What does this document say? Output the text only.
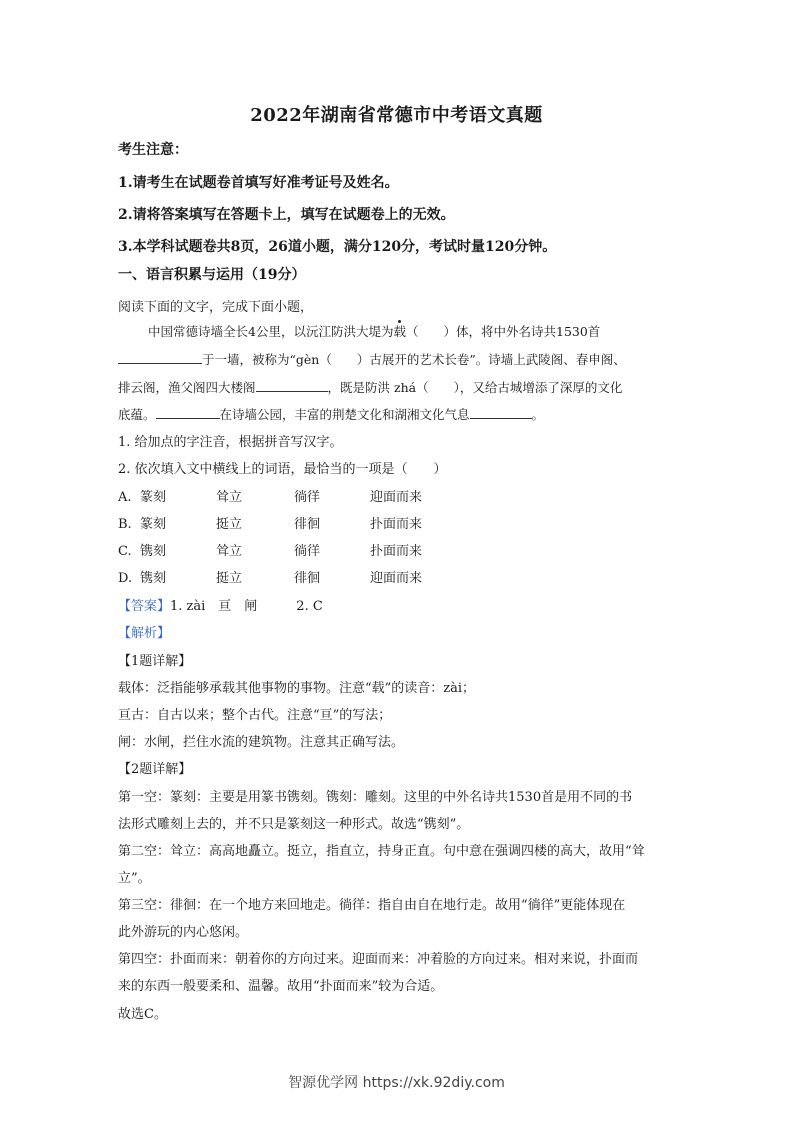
2022年湖南省常德市中考语文真题
考生注意：
1.请考生在试题卷首填写好准考证号及姓名。
2.请将答案填写在答题卡上，填写在试题卷上的无效。
3.本学科试题卷共8页，26道小题，满分120分，考试时量120分钟。
一、语言积累与运用（19分）
阅读下面的文字，完成下面小题，
中国常德诗墙全长4公里，以沅江防洪大堤为载（　　）体，将中外名诗共1530首
于一墙，被称为“gèn（　　）古展开的艺术长卷”。诗墙上武陵阁、春申阁、
排云阁，渔父阁四大楼阁	，既是防洪 zhá（　　），又给古城增添了深厚的文化
底蕴。	在诗墙公园，丰富的荆楚文化和湖湘文化气息	。
1. 给加点的字注音，根据拼音写汉字。
2. 依次填入文中横线上的词语，最恰当的一项是（　　）
A. 篆刻	耸立	徜徉	迎面而来
B. 篆刻	挺立	徘徊	扑面而来
C. 镌刻	耸立	徜徉	扑面而来
D. 镌刻	挺立	徘徊	迎面而来
【答案】1. zài　亘　闸　　　2. C
【解析】
【1题详解】
载体：泛指能够承载其他事物的事物。注意“载”的读音：zài；
亘古：自古以来；整个古代。注意“亘”的写法；
闸：水闸，拦住水流的建筑物。注意其正确写法。
【2题详解】
第一空：篆刻：主要是用篆书镌刻。镌刻：雕刻。这里的中外名诗共1530首是用不同的书
法形式雕刻上去的，并不只是篆刻这一种形式。故选“镌刻”。
第二空：耸立：高高地矗立。挺立，指直立，持身正直。句中意在强调四楼的高大，故用“耸
立”。
第三空：徘徊：在一个地方来回地走。徜徉：指自由自在地行走。故用“徜徉”更能体现在
此外游玩的内心悠闲。
第四空：扑面而来：朝着你的方向过来。迎面而来：冲着脸的方向过来。相对来说，扑面而
来的东西一般要柔和、温馨。故用“扑面而来”较为合适。
故选C。
智源优学网 https://xk.92diy.com
